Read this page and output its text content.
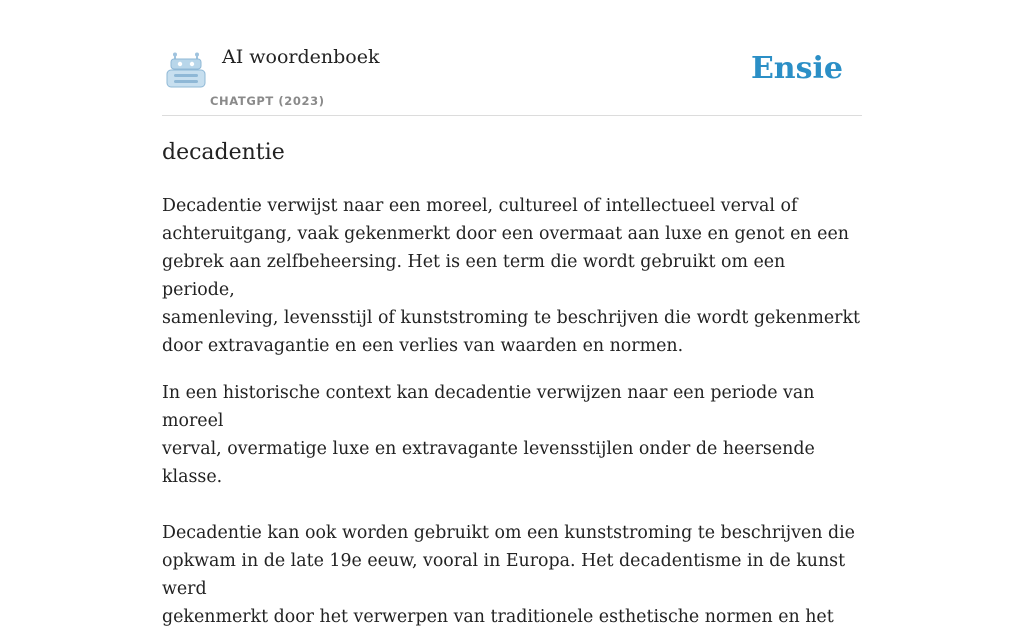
AI woordenboek
CHATGPT (2023)
Ensie
decadentie

Decadentie verwijst naar een moreel, cultureel of intellectueel verval of
achteruitgang, vaak gekenmerkt door een overmaat aan luxe en genot en een
gebrek aan zelfbeheersing. Het is een term die wordt gebruikt om een periode,
samenleving, levensstijl of kunststroming te beschrijven die wordt gekenmerkt
door extravagantie en een verlies van waarden en normen.

In een historische context kan decadentie verwijzen naar een periode van moreel
verval, overmatige luxe en extravagante levensstijlen onder de heersende klasse.

Decadentie kan ook worden gebruikt om een kunststroming te beschrijven die
opkwam in de late 19e eeuw, vooral in Europa. Het decadentisme in de kunst werd
gekenmerkt door het verwerpen van traditionele esthetische normen en het
